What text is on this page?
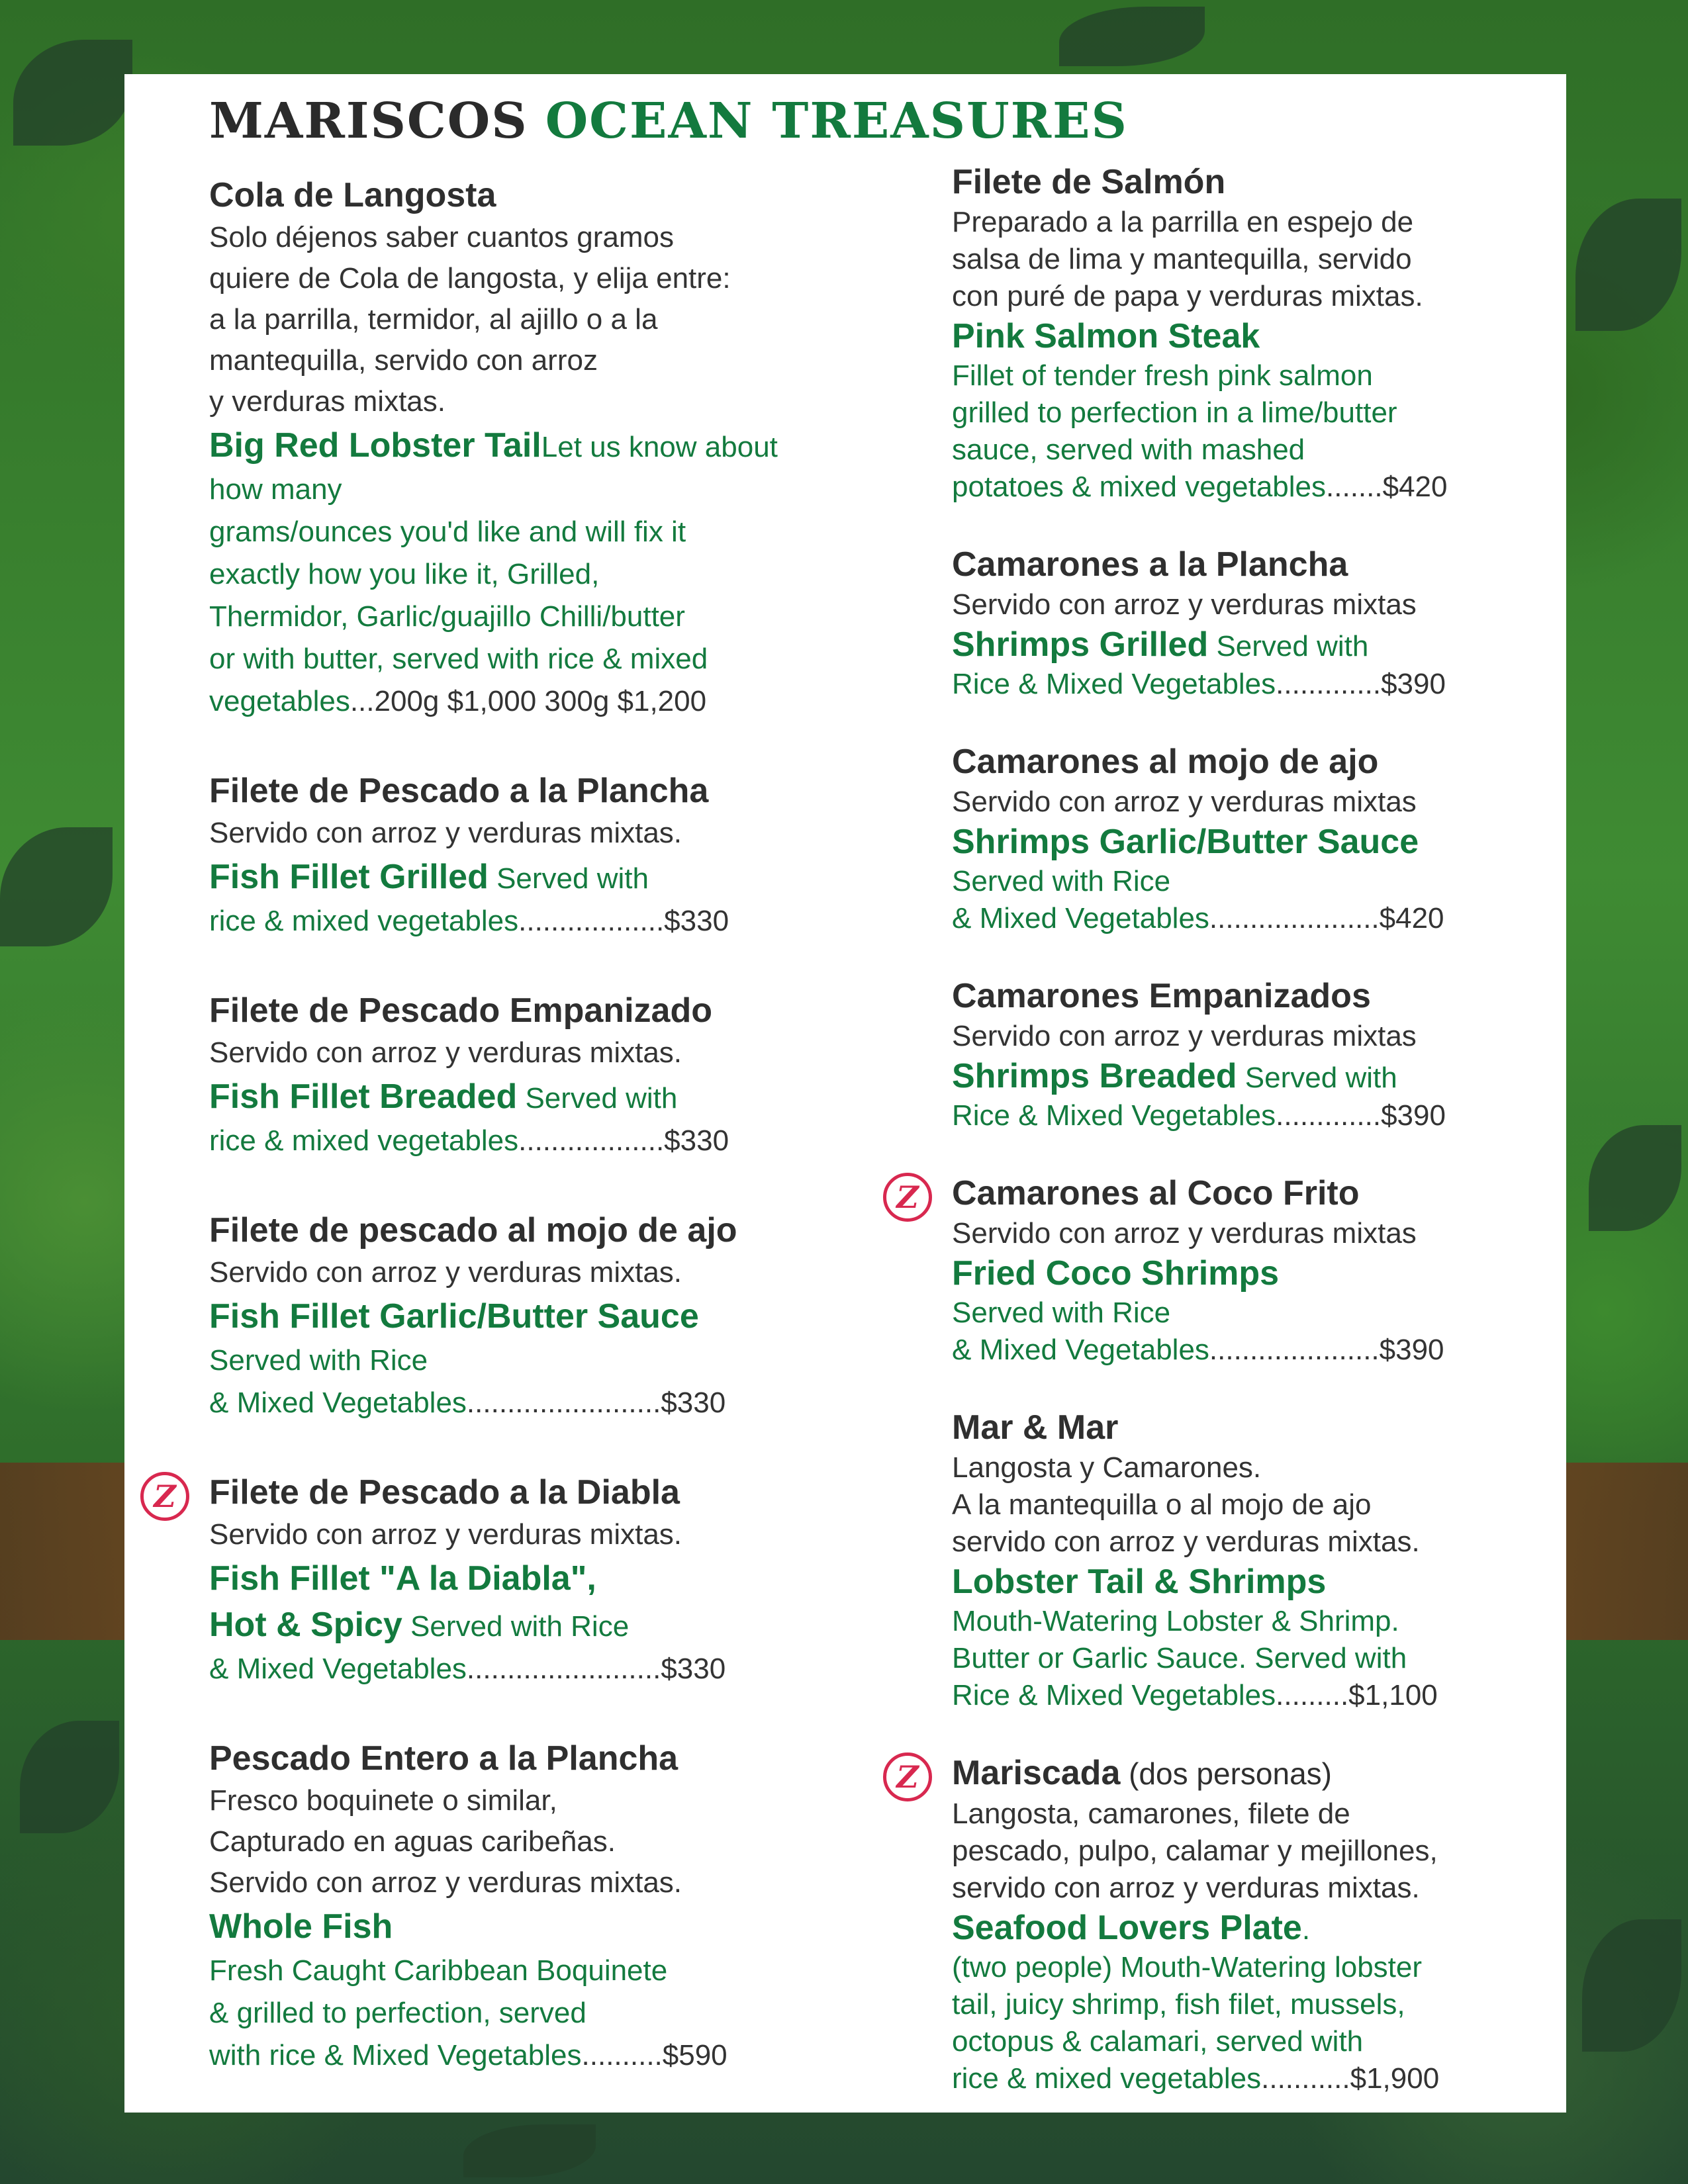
MARISCOS OCEAN TREASURES
Cola de Langosta
Solo déjenos saber cuantos gramos
quiere de Cola de langosta, y elija entre:
a la parrilla, termidor, al ajillo o a la
mantequilla, servido con arroz
y verduras mixtas.
Big Red Lobster TailLet us know about how many
grams/ounces you'd like and will fix it
exactly how you like it, Grilled,
Thermidor, Garlic/guajillo Chilli/butter
or with butter, served with rice & mixed
vegetables...200g $1,000 300g $1,200
Filete de Pescado a la Plancha
Servido con arroz y verduras mixtas.
Fish Fillet Grilled Served with
rice & mixed vegetables..................$330
Filete de Pescado Empanizado
Servido con arroz y verduras mixtas.
Fish Fillet Breaded Served with
rice & mixed vegetables..................$330
Filete de pescado al mojo de ajo
Servido con arroz y verduras mixtas.
Fish Fillet Garlic/Butter Sauce
Served with Rice
& Mixed Vegetables........................$330
Z Filete de Pescado a la Diabla
Servido con arroz y verduras mixtas.
Fish Fillet "A la Diabla",
Hot & Spicy Served with Rice
& Mixed Vegetables........................$330
Pescado Entero a la Plancha
Fresco boquinete o similar,
Capturado en aguas caribeñas.
Servido con arroz y verduras mixtas.
Whole Fish
Fresh Caught Caribbean Boquinete
& grilled to perfection, served
with rice & Mixed Vegetables..........$590
Filete de Salmón
Preparado a la parrilla en espejo de
salsa de lima y mantequilla, servido
con puré de papa y verduras mixtas.
Pink Salmon Steak
Fillet of tender fresh pink salmon
grilled to perfection in a lime/butter
sauce, served with mashed
potatoes & mixed vegetables.......$420
Camarones a la Plancha
Servido con arroz y verduras mixtas
Shrimps Grilled Served with
Rice & Mixed Vegetables.............$390
Camarones al mojo de ajo
Servido con arroz y verduras mixtas
Shrimps Garlic/Butter Sauce
Served with Rice
& Mixed Vegetables.....................$420
Camarones Empanizados
Servido con arroz y verduras mixtas
Shrimps Breaded Served with
Rice & Mixed Vegetables.............$390
Z Camarones al Coco Frito
Servido con arroz y verduras mixtas
Fried Coco Shrimps
Served with Rice
& Mixed Vegetables.....................$390
Mar & Mar
Langosta y Camarones.
A la mantequilla o al mojo de ajo
servido con arroz y verduras mixtas.
Lobster Tail & Shrimps
Mouth-Watering Lobster & Shrimp.
Butter or Garlic Sauce. Served with
Rice & Mixed Vegetables.........$1,100
Z Mariscada (dos personas)
Langosta, camarones, filete de
pescado, pulpo, calamar y mejillones,
servido con arroz y verduras mixtas.
Seafood Lovers Plate.
(two people) Mouth-Watering lobster
tail, juicy shrimp, fish filet, mussels,
octopus & calamari, served with
rice & mixed vegetables...........$1,900
